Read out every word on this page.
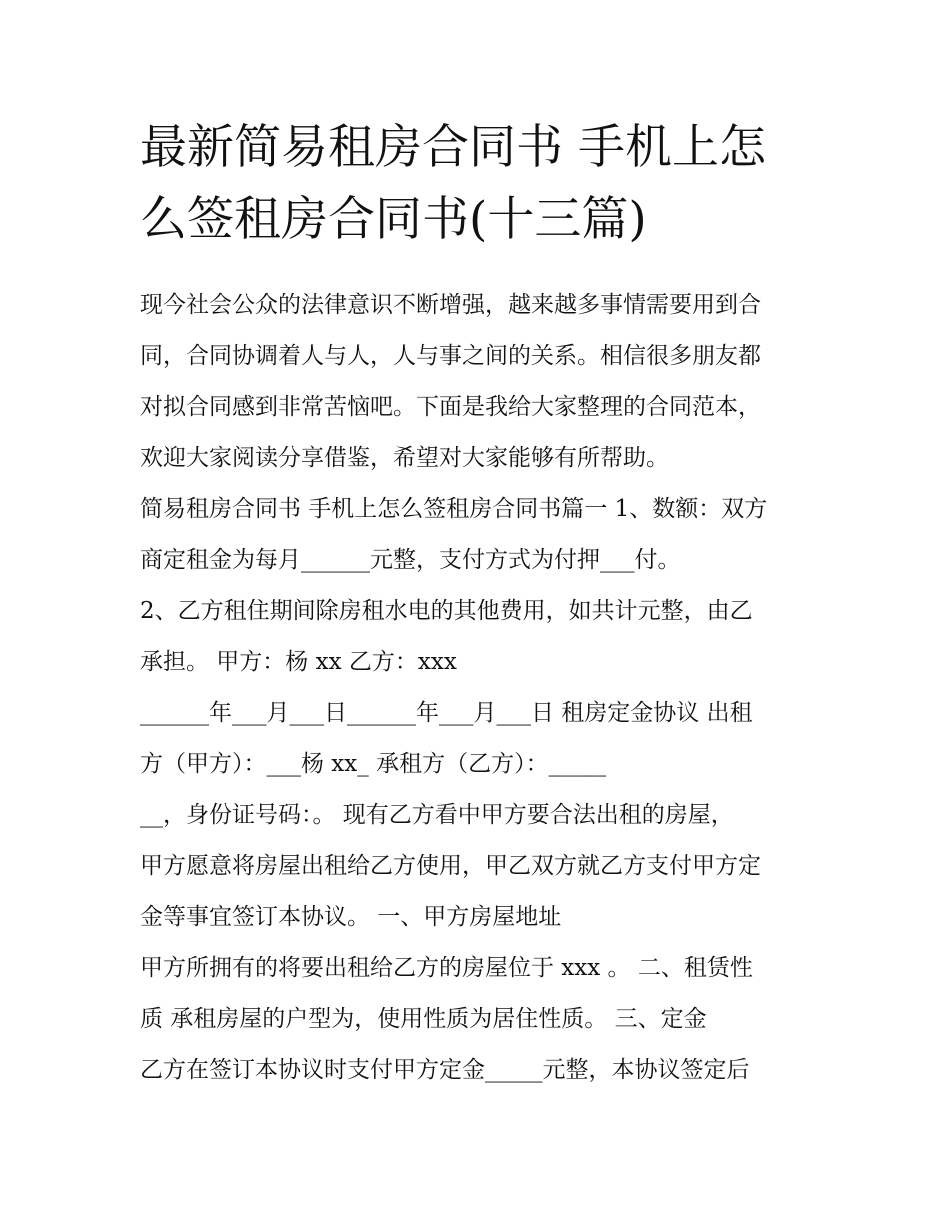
最新简易租房合同书 手机上怎
么签租房合同书(十三篇)
现今社会公众的法律意识不断增强，越来越多事情需要用到合
同，合同协调着人与人，人与事之间的关系。相信很多朋友都
对拟合同感到非常苦恼吧。下面是我给大家整理的合同范本，
欢迎大家阅读分享借鉴，希望对大家能够有所帮助。
简易租房合同书 手机上怎么签租房合同书篇一 1、数额：双方
商定租金为每月______元整，支付方式为付押___付。
2、乙方租住期间除房租水电的其他费用，如共计元整，由乙
承担。 甲方：杨 xx 乙方：xxx
______年___月___日______年___月___日 租房定金协议 出租
方（甲方）：___杨 xx_ 承租方（乙方）：_____
__，身份证号码：。 现有乙方看中甲方要合法出租的房屋，
甲方愿意将房屋出租给乙方使用，甲乙双方就乙方支付甲方定
金等事宜签订本协议。 一、甲方房屋地址
甲方所拥有的将要出租给乙方的房屋位于 xxx 。 二、租赁性
质 承租房屋的户型为，使用性质为居住性质。 三、定金
乙方在签订本协议时支付甲方定金_____元整，本协议签定后
